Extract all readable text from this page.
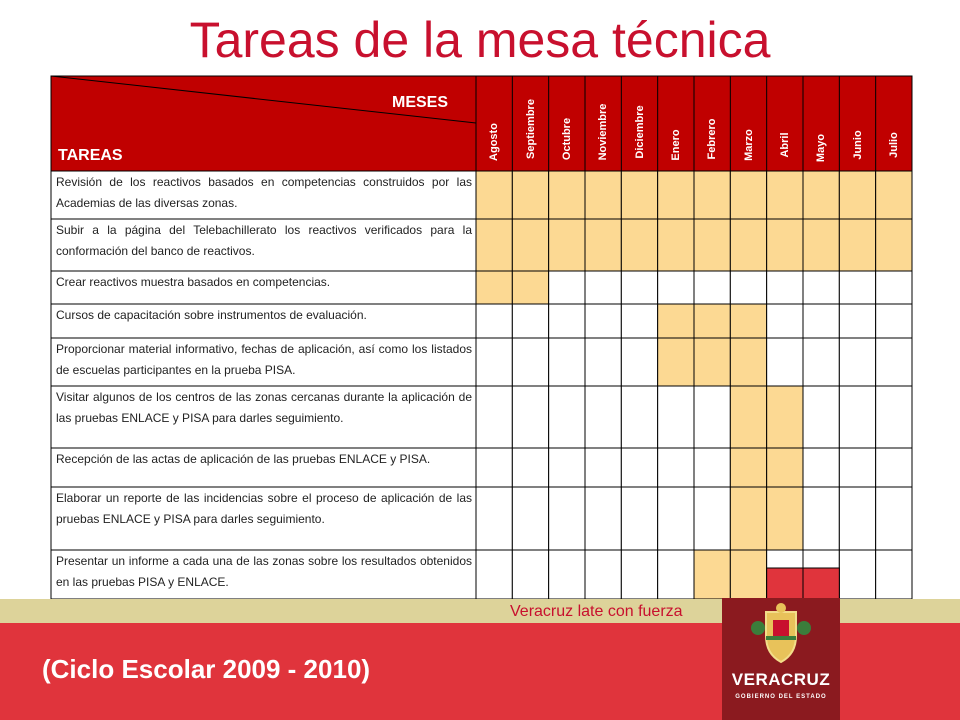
Tareas de la mesa técnica
MESES
TAREAS	Agosto Septiembre Octubre Noviembre Diciembre Enero Febrero Marzo Abril Mayo Junio Julio
Revisión de los reactivos basados en competencias construidos por las Academias de las diversas zonas.
Subir a la página del Telebachillerato los reactivos verificados para la conformación del banco de reactivos.
Crear reactivos muestra basados en competencias.
Cursos de capacitación sobre instrumentos de evaluación.
Proporcionar material informativo, fechas de aplicación, así como los listados de escuelas participantes en la prueba PISA.
Visitar algunos de los centros de las zonas cercanas durante la aplicación de las pruebas ENLACE y PISA para darles seguimiento.
Recepción de las actas de aplicación de las pruebas ENLACE y PISA.
Elaborar un reporte de las incidencias sobre el proceso de aplicación de las pruebas ENLACE y PISA para darles seguimiento.
Presentar un informe a cada una de las zonas sobre los resultados obtenidos en las pruebas PISA y ENLACE.
Veracruz late con fuerza
(Ciclo Escolar 2009 - 2010)	VERACRUZ
GOBIERNO DEL ESTADO
